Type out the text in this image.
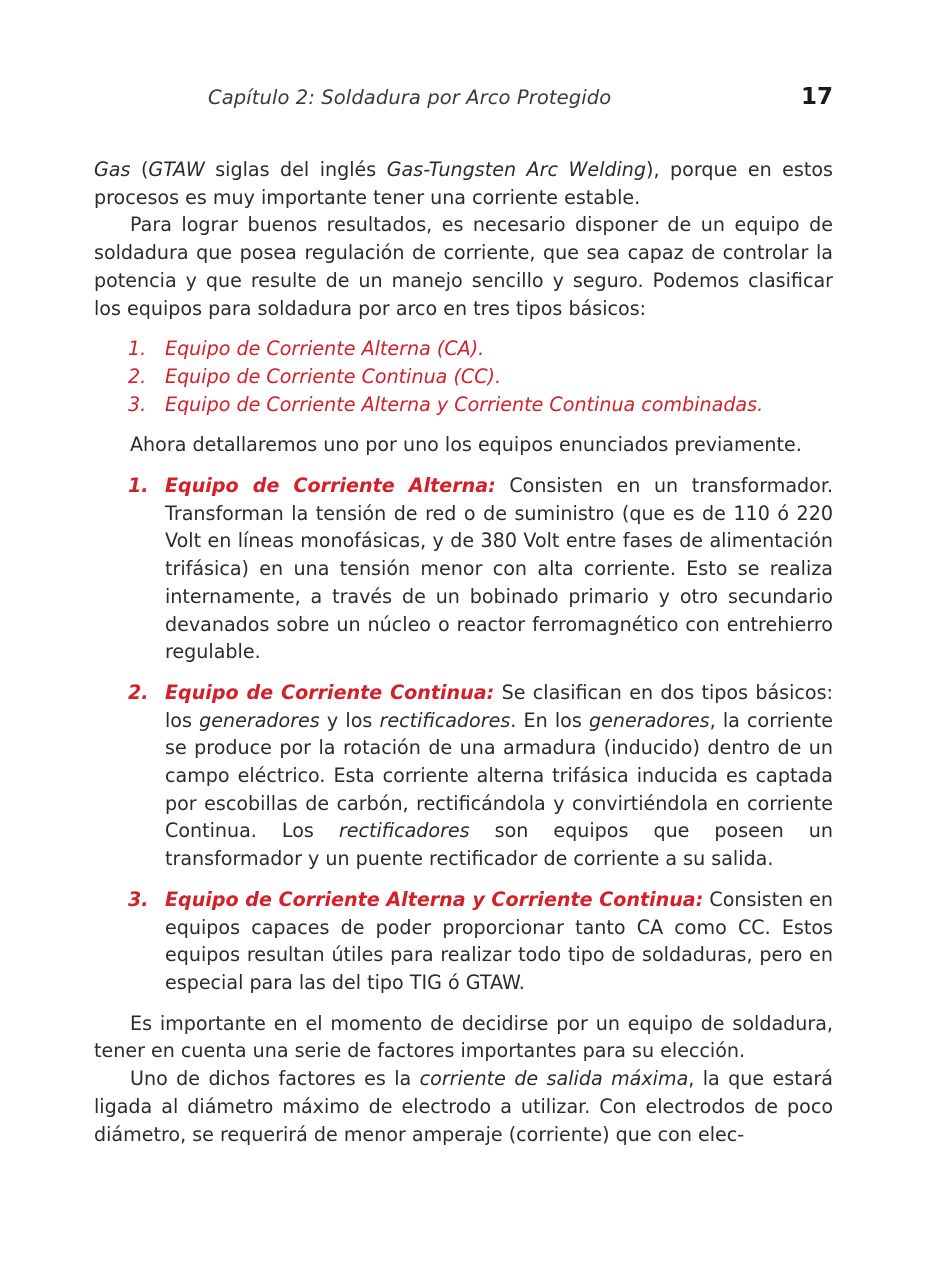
Capítulo 2: Soldadura por Arco Protegido	17

Gas (GTAW siglas del inglés Gas-Tungsten Arc Welding), porque en estos procesos es muy importante tener una corriente estable.

Para lograr buenos resultados, es necesario disponer de un equipo de soldadura que posea regulación de corriente, que sea capaz de controlar la potencia y que resulte de un manejo sencillo y seguro. Podemos clasificar los equipos para soldadura por arco en tres tipos básicos:

1. Equipo de Corriente Alterna (CA).
2. Equipo de Corriente Continua (CC).
3. Equipo de Corriente Alterna y Corriente Continua combinadas.

Ahora detallaremos uno por uno los equipos enunciados previamente.

1. Equipo de Corriente Alterna: Consisten en un transformador. Transforman la tensión de red o de suministro (que es de 110 ó 220 Volt en líneas monofásicas, y de 380 Volt entre fases de alimentación trifásica) en una tensión menor con alta corriente. Esto se realiza internamente, a través de un bobinado primario y otro secundario devanados sobre un núcleo o reactor ferromagnético con entrehierro regulable.
2. Equipo de Corriente Continua: Se clasifican en dos tipos básicos: los generadores y los rectificadores. En los generadores, la corriente se produce por la rotación de una armadura (inducido) dentro de un campo eléctrico. Esta corriente alterna trifásica inducida es captada por escobillas de carbón, rectificándola y convirtiéndola en corriente Continua. Los rectificadores son equipos que poseen un transformador y un puente rectificador de corriente a su salida.
3. Equipo de Corriente Alterna y Corriente Continua: Consisten en equipos capaces de poder proporcionar tanto CA como CC. Estos equipos resultan útiles para realizar todo tipo de soldaduras, pero en especial para las del tipo TIG ó GTAW.

Es importante en el momento de decidirse por un equipo de soldadura, tener en cuenta una serie de factores importantes para su elección.

Uno de dichos factores es la corriente de salida máxima, la que estará ligada al diámetro máximo de electrodo a utilizar. Con electrodos de poco diámetro, se requerirá de menor amperaje (corriente) que con elec-
